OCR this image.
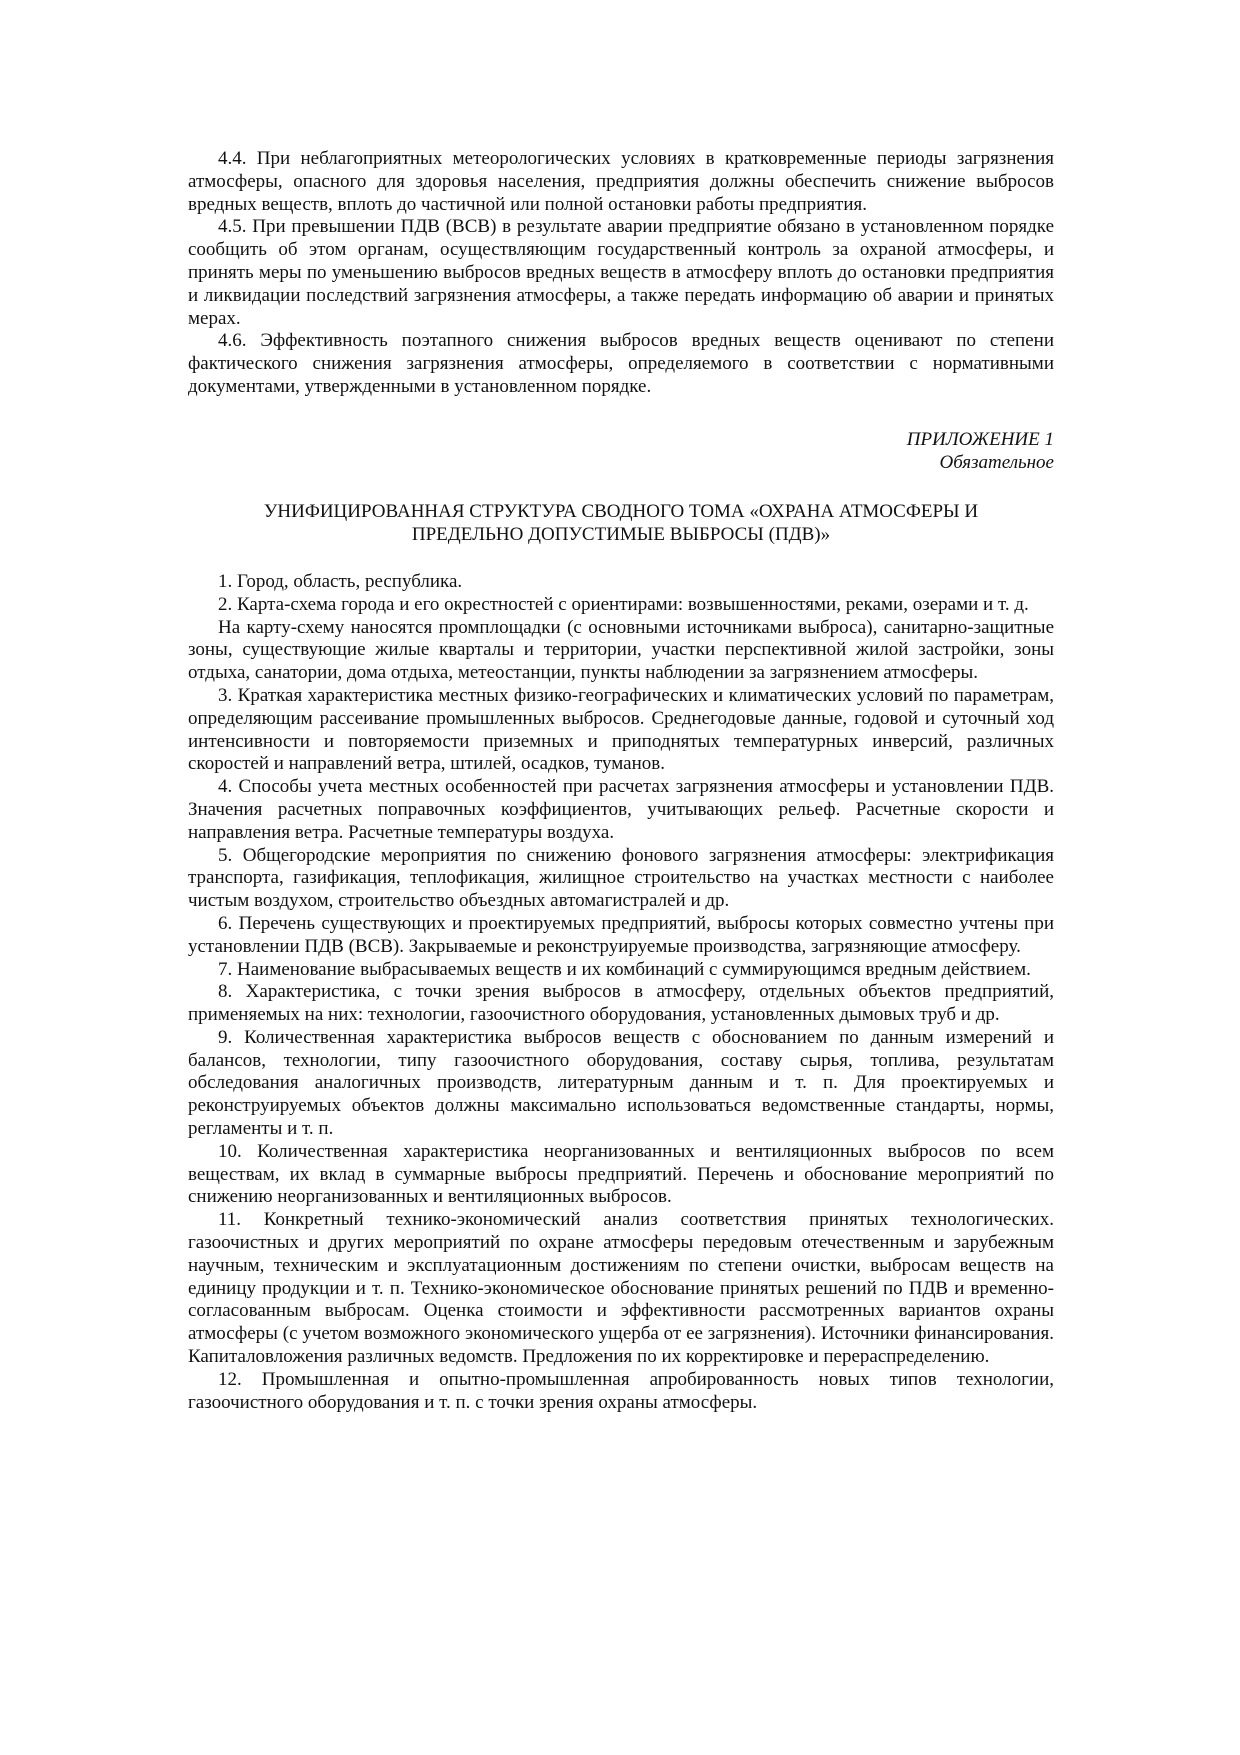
4.4. При неблагоприятных метеорологических условиях в кратковременные периоды загрязнения атмосферы, опасного для здоровья населения, предприятия должны обеспечить снижение выбросов вредных веществ, вплоть до частичной или полной остановки работы предприятия.

4.5. При превышении ПДВ (ВСВ) в результате аварии предприятие обязано в установленном порядке сообщить об этом органам, осуществляющим государственный контроль за охраной атмосферы, и принять меры по уменьшению выбросов вредных веществ в атмосферу вплоть до остановки предприятия и ликвидации последствий загрязнения атмосферы, а также передать информацию об аварии и принятых мерах.

4.6. Эффективность поэтапного снижения выбросов вредных веществ оценивают по степени фактического снижения загрязнения атмосферы, определяемого в соответствии с нормативными документами, утвержденными в установленном порядке.

ПРИЛОЖЕНИЕ 1
Обязательное
УНИФИЦИРОВАННАЯ СТРУКТУРА СВОДНОГО ТОМА «ОХРАНА АТМОСФЕРЫ И ПРЕДЕЛЬНО ДОПУСТИМЫЕ ВЫБРОСЫ (ПДВ)»

1. Город, область, республика.

2. Карта-схема города и его окрестностей с ориентирами: возвышенностями, реками, озерами и т. д.

На карту-схему наносятся промплощадки (с основными источниками выброса), санитарно-защитные зоны, существующие жилые кварталы и территории, участки перспективной жилой застройки, зоны отдыха, санатории, дома отдыха, метеостанции, пункты наблюдении за загрязнением атмосферы.

3. Краткая характеристика местных физико-географических и климатических условий по параметрам, определяющим рассеивание промышленных выбросов. Среднегодовые данные, годовой и суточный ход интенсивности и повторяемости приземных и приподнятых температурных инверсий, различных скоростей и направлений ветра, штилей, осадков, туманов.

4. Способы учета местных особенностей при расчетах загрязнения атмосферы и установлении ПДВ. Значения расчетных поправочных коэффициентов, учитывающих рельеф. Расчетные скорости и направления ветра. Расчетные температуры воздуха.

5. Общегородские мероприятия по снижению фонового загрязнения атмосферы: электрификация транспорта, газификация, теплофикация, жилищное строительство на участках местности с наиболее чистым воздухом, строительство объездных автомагистралей и др.

6. Перечень существующих и проектируемых предприятий, выбросы которых совместно учтены при установлении ПДВ (ВСВ). Закрываемые и реконструируемые производства, загрязняющие атмосферу.

7. Наименование выбрасываемых веществ и их комбинаций с суммирующимся вредным действием.

8. Характеристика, с точки зрения выбросов в атмосферу, отдельных объектов предприятий, применяемых на них: технологии, газоочистного оборудования, установленных дымовых труб и др.

9. Количественная характеристика выбросов веществ с обоснованием по данным измерений и балансов, технологии, типу газоочистного оборудования, составу сырья, топлива, результатам обследования аналогичных производств, литературным данным и т. п. Для проектируемых и реконструируемых объектов должны максимально использоваться ведомственные стандарты, нормы, регламенты и т. п.

10. Количественная характеристика неорганизованных и вентиляционных выбросов по всем веществам, их вклад в суммарные выбросы предприятий. Перечень и обоснование мероприятий по снижению неорганизованных и вентиляционных выбросов.

11. Конкретный технико-экономический анализ соответствия принятых технологических. газоочистных и других мероприятий по охране атмосферы передовым отечественным и зарубежным научным, техническим и эксплуатационным достижениям по степени очистки, выбросам веществ на единицу продукции и т. п. Технико-экономическое обоснование принятых решений по ПДВ и временно-согласованным выбросам. Оценка стоимости и эффективности рассмотренных вариантов охраны атмосферы (с учетом возможного экономического ущерба от ее загрязнения). Источники финансирования. Капиталовложения различных ведомств. Предложения по их корректировке и перераспределению.

12. Промышленная и опытно-промышленная апробированность новых типов технологии, газоочистного оборудования и т. п. с точки зрения охраны атмосферы.
